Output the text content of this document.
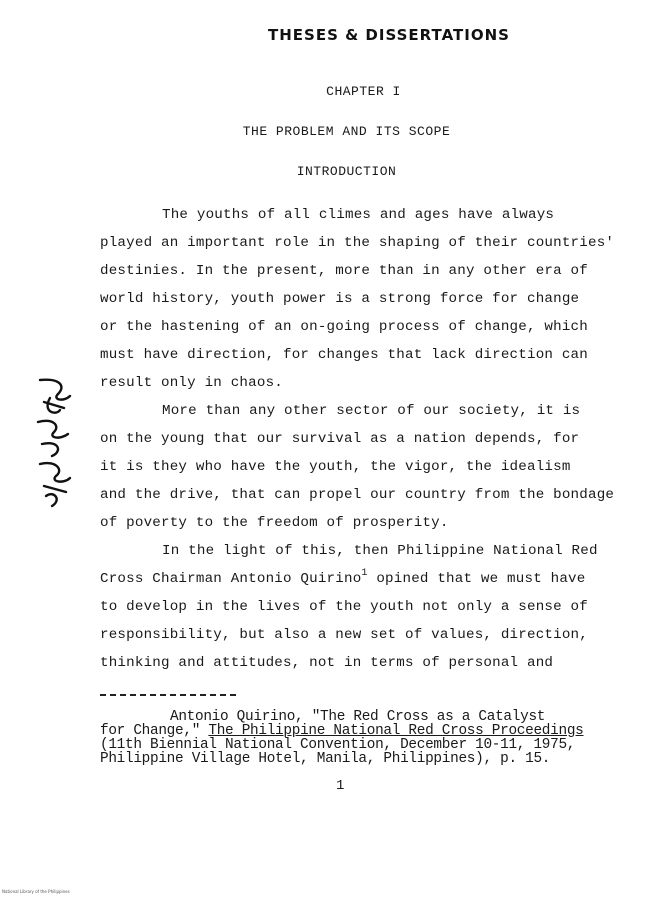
THESES & DISSERTATIONS
CHAPTER I
THE PROBLEM AND ITS SCOPE
INTRODUCTION
The youths of all climes and ages have always
played an important role in the shaping of their countries'
destinies. In the present, more than in any other era of
world history, youth power is a strong force for change
or the hastening of an on-going process of change, which
must have direction, for changes that lack direction can
result only in chaos.
More than any other sector of our society, it is
on the young that our survival as a nation depends, for
it is they who have the youth, the vigor, the idealism
and the drive, that can propel our country from the bondage
of poverty to the freedom of prosperity.
In the light of this, then Philippine National Red
Cross Chairman Antonio Quirino$^1$ opined that we must have
to develop in the lives of the youth not only a sense of
responsibility, but also a new set of values, direction,
thinking and attitudes, not in terms of personal and
Antonio Quirino, "The Red Cross as a Catalyst
for Change," The Philippine National Red Cross Proceedings
(11th Biennial National Convention, December 10-11, 1975,
Philippine Village Hotel, Manila, Philippines), p. 15.
1
National Library of the Philippines
